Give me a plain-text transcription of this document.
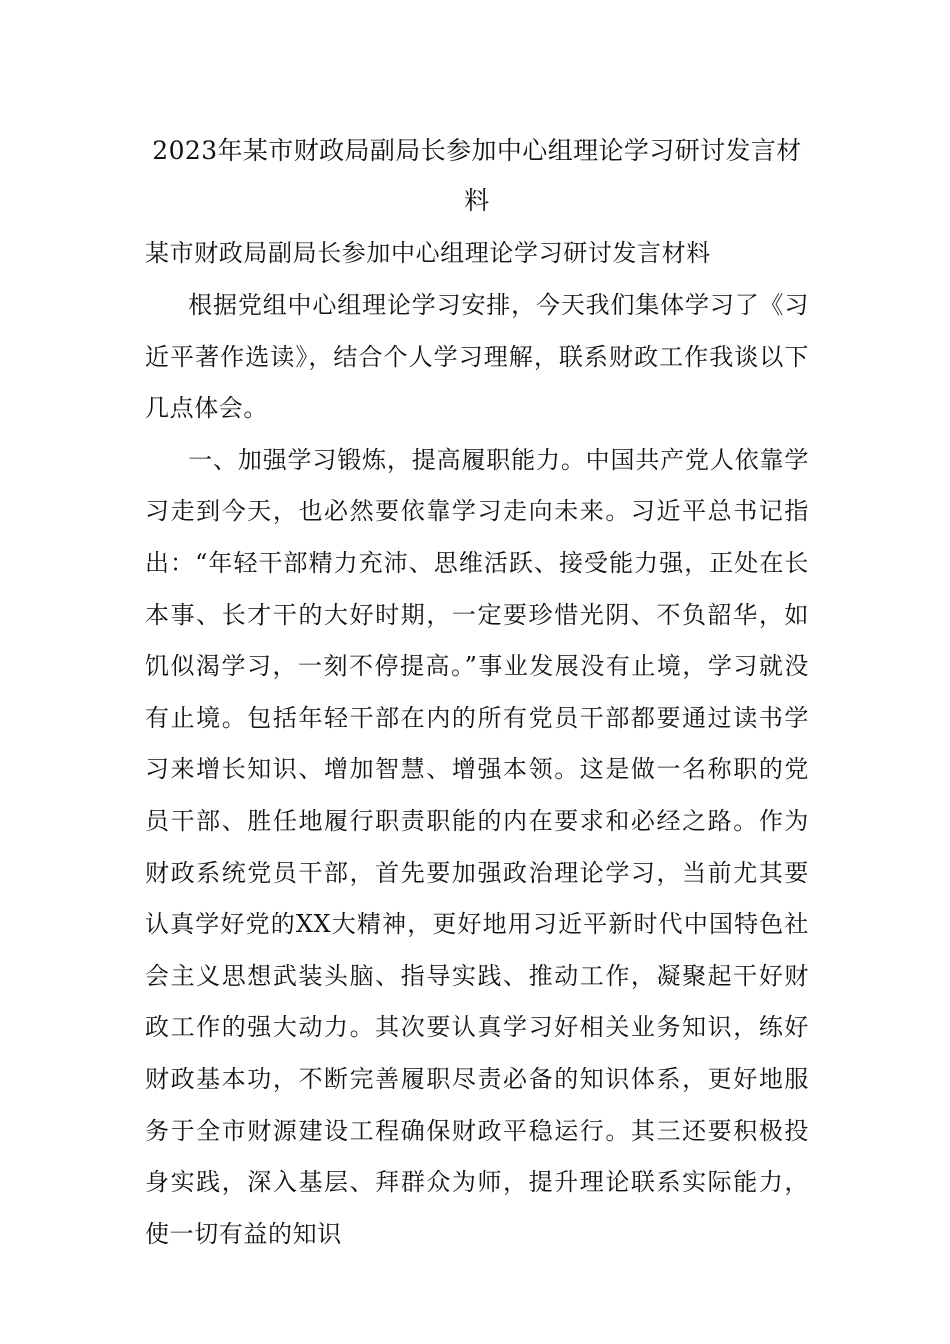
2023年某市财政局副局长参加中心组理论学习研讨发言材料

某市财政局副局长参加中心组理论学习研讨发言材料

根据党组中心组理论学习安排，今天我们集体学习了《习近平著作选读》，结合个人学习理解，联系财政工作我谈以下几点体会。

一、加强学习锻炼，提高履职能力。中国共产党人依靠学习走到今天，也必然要依靠学习走向未来。习近平总书记指出：“年轻干部精力充沛、思维活跃、接受能力强，正处在长本事、长才干的大好时期，一定要珍惜光阴、不负韶华，如饥似渴学习，一刻不停提高。”事业发展没有止境，学习就没有止境。包括年轻干部在内的所有党员干部都要通过读书学习来增长知识、增加智慧、增强本领。这是做一名称职的党员干部、胜任地履行职责职能的内在要求和必经之路。作为财政系统党员干部，首先要加强政治理论学习，当前尤其要认真学好党的XX大精神，更好地用习近平新时代中国特色社会主义思想武装头脑、指导实践、推动工作，凝聚起干好财政工作的强大动力。其次要认真学习好相关业务知识，练好财政基本功，不断完善履职尽责必备的知识体系，更好地服务于全市财源建设工程确保财政平稳运行。其三还要积极投身实践，深入基层、拜群众为师，提升理论联系实际能力，使一切有益的知识
